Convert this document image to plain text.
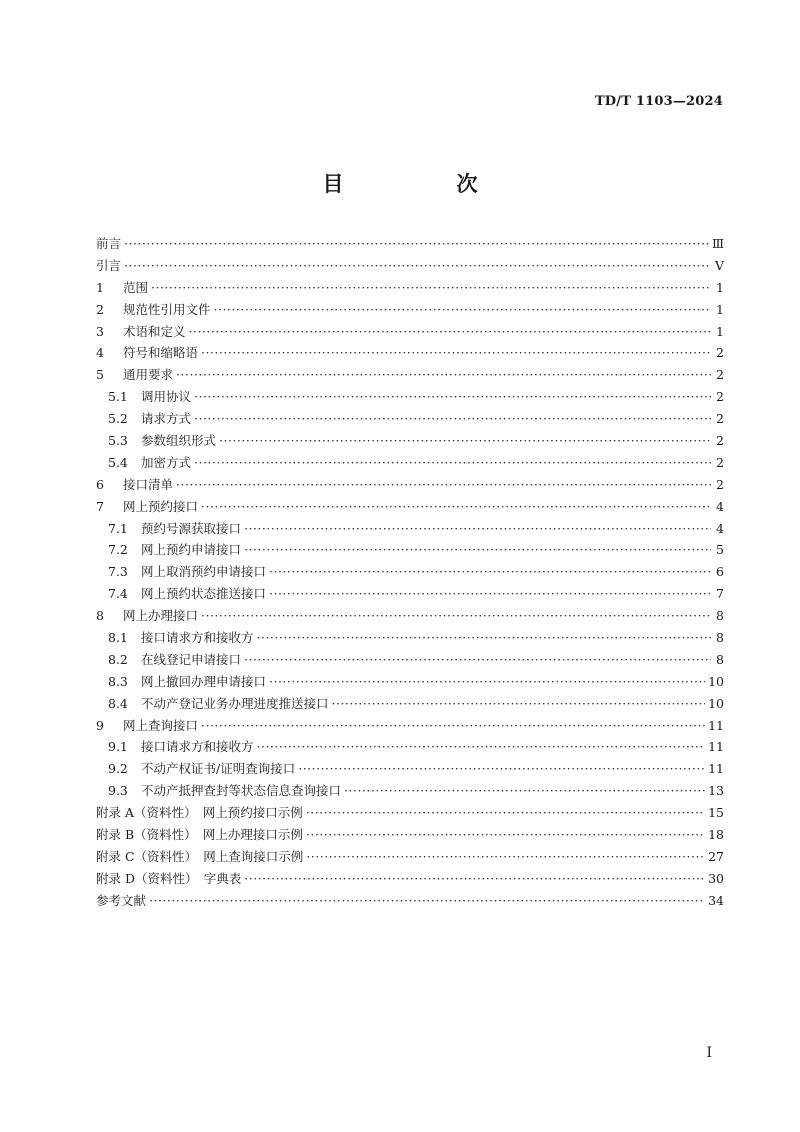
TD/T 1103—2024
目　次
前言 ·····	Ⅲ
引言 ·····	Ⅴ
1	范围 ·····	1
2	规范性引用文件 ·····	1
3	术语和定义 ·····	1
4	符号和缩略语 ·····	2
5	通用要求 ·····	2
5.1	调用协议 ·····	2
5.2	请求方式 ·····	2
5.3	参数组织形式 ·····	2
5.4	加密方式 ·····	2
6	接口清单 ·····	2
7	网上预约接口 ·····	4
7.1	预约号源获取接口 ·····	4
7.2	网上预约申请接口 ·····	5
7.3	网上取消预约申请接口 ·····	6
7.4	网上预约状态推送接口 ·····	7
8	网上办理接口 ·····	8
8.1	接口请求方和接收方 ·····	8
8.2	在线登记申请接口 ·····	8
8.3	网上撤回办理申请接口 ·····	10
8.4	不动产登记业务办理进度推送接口 ·····	10
9	网上查询接口 ·····	11
9.1	接口请求方和接收方 ·····	11
9.2	不动产权证书/证明查询接口 ·····	11
9.3	不动产抵押查封等状态信息查询接口 ·····	13
附录 A（资料性）　网上预约接口示例 ·····	15
附录 B（资料性）　网上办理接口示例 ·····	18
附录 C（资料性）　网上查询接口示例 ·····	27
附录 D（资料性）　字典表 ·····	30
参考文献 ·····	34
I
